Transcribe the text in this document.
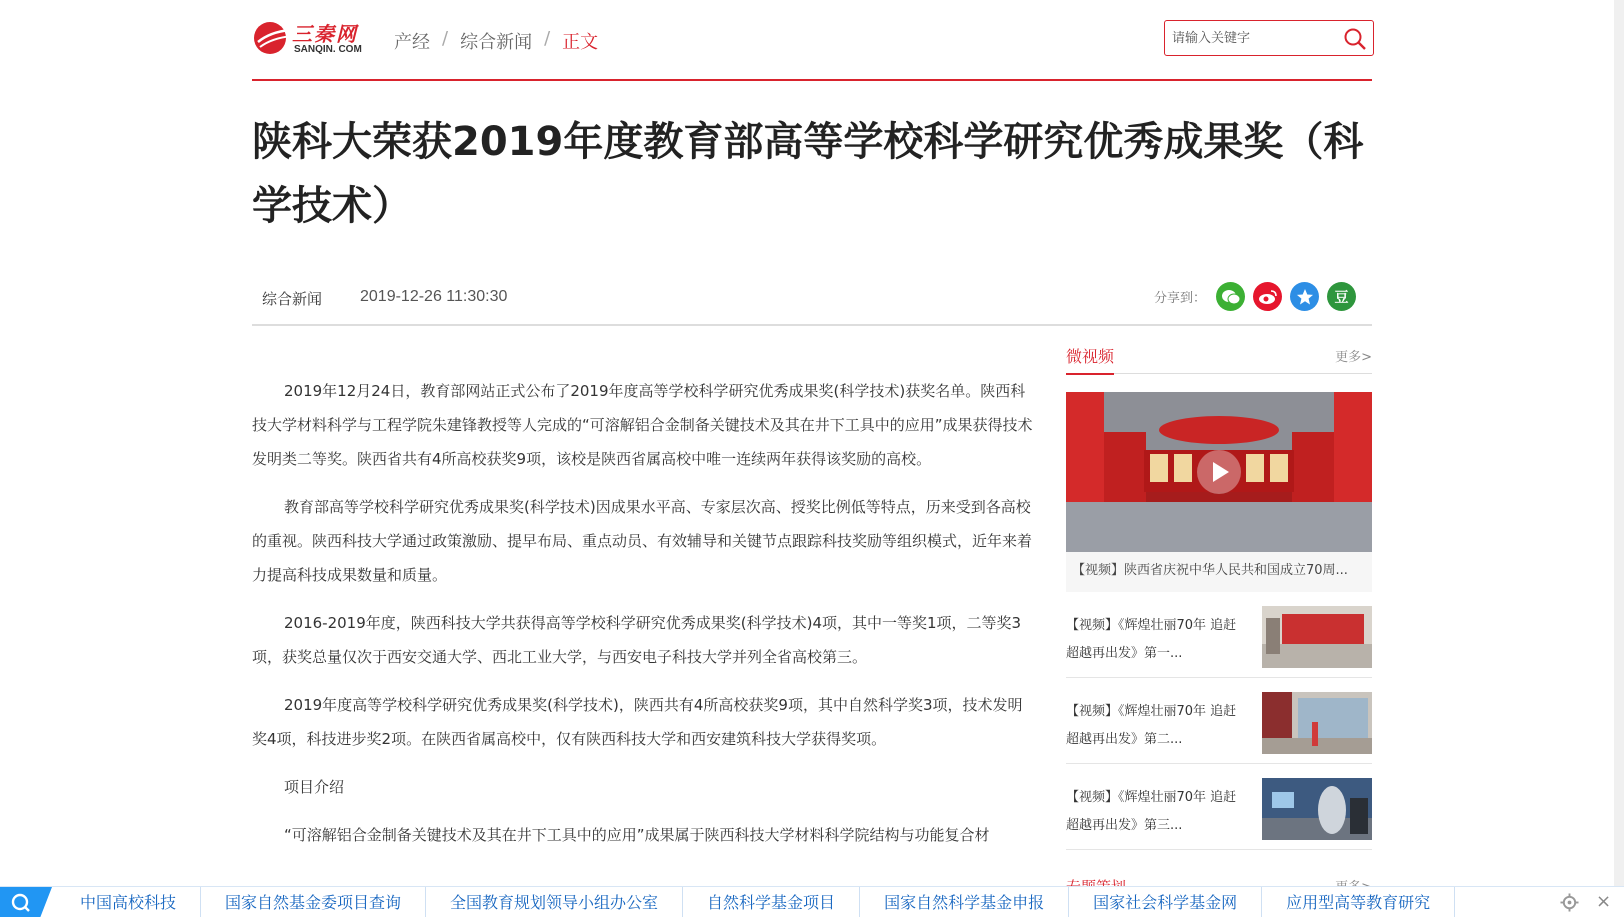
三秦网
SANQIN. COM 产经 / 综合新闻 / 正文
请输入关键字
陕科大荣获2019年度教育部高等学校科学研究优秀成果奖（科学技术）
综合新闻 2019-12-26 11:30:30	分享到：	豆

2019年12月24日，教育部网站正式公布了2019年度高等学校科学研究优秀成果奖(科学技术)获奖名单。陕西科技大学材料科学与工程学院朱建锋教授等人完成的“可溶解铝合金制备关键技术及其在井下工具中的应用”成果获得技术发明类二等奖。陕西省共有4所高校获奖9项，该校是陕西省属高校中唯一连续两年获得该奖励的高校。

教育部高等学校科学研究优秀成果奖(科学技术)因成果水平高、专家层次高、授奖比例低等特点，历来受到各高校的重视。陕西科技大学通过政策激励、提早布局、重点动员、有效辅导和关键节点跟踪科技奖励等组织模式，近年来着力提高科技成果数量和质量。

2016-2019年度，陕西科技大学共获得高等学校科学研究优秀成果奖(科学技术)4项，其中一等奖1项，二等奖3项，获奖总量仅次于西安交通大学、西北工业大学，与西安电子科技大学并列全省高校第三。

2019年度高等学校科学研究优秀成果奖(科学技术)，陕西共有4所高校获奖9项，其中自然科学奖3项，技术发明奖4项，科技进步奖2项。在陕西省属高校中，仅有陕西科技大学和西安建筑科技大学获得奖项。

项目介绍

“可溶解铝合金制备关键技术及其在井下工具中的应用”成果属于陕西科技大学材料科学院结构与功能复合材

微视频	更多>
【视频】陕西省庆祝中华人民共和国成立70周...
【视频】《辉煌壮丽70年 追赶超越再出发》第一...
【视频】《辉煌壮丽70年 追赶超越再出发》第二...
【视频】《辉煌壮丽70年 追赶超越再出发》第三...
中国高校科技	国家自然基金委项目查询	全国教育规划领导小组办公室	自然科学基金项目	国家自然科学基金申报	国家社会科学基金网	应用型高等教育研究	×
